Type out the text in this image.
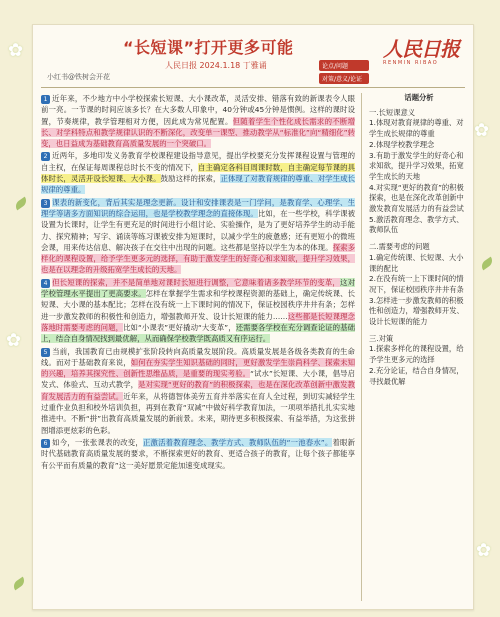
✿
✿
✿
✿
“长短课”打开更多可能
人民日报 2024.1.18 丁雅诵
小红书@铁树会开花
论点/问题
对策/意义/论证
人民日报
RENMIN RIBAO

1 近年来，不少地方中小学校探索长短课、大小课改革，灵活安排、错落有致的新课表令人眼前一亮。一节课的时间应该多长？在大多数人印象中，40分钟或45分钟是惯例。这样的课时设置，节奏规律，教学管理相对方便，因此成为常见配置。但随着学生个性化成长需求的不断增长、对学科特点和教学规律认识的不断深化，改变单一课型、推动教学从“标准化”向“精细化”转变，也日益成为基础教育高质量发展的一个突破口。

2 近两年，多地印发义务教育学校课程建设指导意见，提出学校要充分发挥课程设置与管理的自主权，在保证每周课程总时长不变的情况下，自主确定各科目周课时数，自主确定每节课的具体时长，灵活开设长短课、大小课。鼓励这样的探索，正体现了对教育规律的尊重、对学生成长规律的尊重。

3 课表的新变化，背后其实是理念更新。设计和安排课表是一门学问，是教育学、心理学、生理学等诸多方面知识的综合运用，也是学校教学理念的直接体现。比如，在一些学校，科学课被设置为长课时，让学生有更充足的时间进行小组讨论、实验操作，是为了更好培养学生的动手能力、探究精神；写字、诵读等练习课被安排为短课时，以减少学生的疲惫感；还有更短小的微班会课，用来传达信息、解决孩子在交往中出现的问题。这些都是坚持以学生为本的体现。探索多样化的课程设置，给予学生更多元的选择，有助于激发学生的好奇心和求知欲，提升学习效果，也是在以理念的升级拓宽学生成长的天地。

4 但长短课的探索，并不是简单地对课时长短进行调整，它意味着诸多教学环节的变革，这对学校管理水平提出了更高要求。怎样在掌握学生需求和学校课程资源的基础上，确定传统课、长短课、大小课的基本配比；怎样在没有统一上下课时间的情况下，保证校园秩序井井有条；怎样进一步激发教师的积极性和创造力，增强教师开发、设计长短课的能力……这些都是长短课理念落地时需要考虑的问题，比如“小课表”更好撬动“大变革”，还需要各学校在充分调查论证的基础上，结合自身情况找到最优解，从而确保学校教学既高质又有序运行。

5 当前，我国教育已由规模扩张阶段转向高质量发展阶段。高质量发展是各级各类教育的生命线。而对于基础教育来说，如何在夯实学生知识基础的同时，更好激发学生崇尚科学、探索未知的兴趣，培养其探究性、创新性思维品质，是重要的现实考验。“试水”长短课、大小课，倡导启发式、体验式、互动式教学，是对实现“更好的教育”的积极探索，也是在深化改革创新中激发教育发展活力的有益尝试。近年来，从将德智体美劳五育并举落实在育人全过程，到切实减轻学生过重作业负担和校外培训负担，再到在教育“双减”中做好科学教育加法，一项项举措扎扎实实地推进中。不断“拼”出教育高质量发展的新前景。未来，期待更多积极探索、有益举措，为这张拼图增添更炫彩的色彩。

6 如今，一张张课表的改变，正激活着教育理念、教学方式、教师队伍的“一池春水”。着眼新时代基础教育高质量发展的要求，不断探索更好的教育、更适合孩子的教育，让每个孩子都能享有公平而有质量的教育”这一美好愿景定能加速变成现实。

话题分析
一.长短课意义
1.体现对教育规律的尊重、对学生成长规律的尊重
2.体现学校教学理念
3.有助于激发学生的好奇心和求知欲，提升学习效果，拓宽学生成长的天地
4.对实现“更好的教育”的积极探索，也是在深化改革创新中激发教育发展活力的有益尝试
5.激活教育理念、教学方式、教师队伍
二.需要考虑的问题
1.确定传统课、长短课、大小课的配比
2.在没有统一上下课时间的情况下，保证校园秩序井井有条
3.怎样进一步激发教师的积极性和创造力，增强教师开发、设计长短课的能力
三.对策
1.探索多样化的课程设置，给予学生更多元的选择
2.充分论证，结合自身情况，寻找最优解
